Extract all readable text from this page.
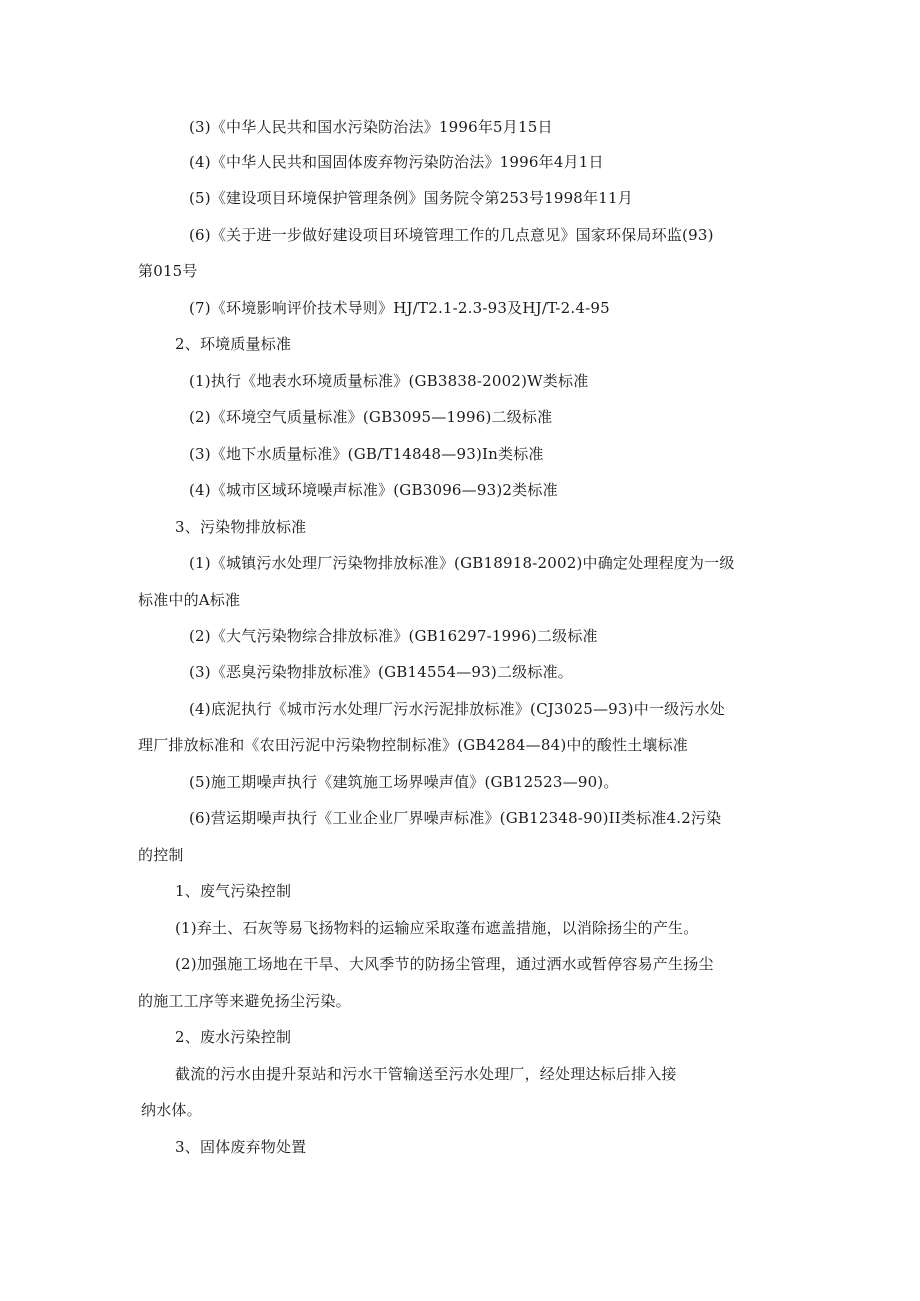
(3)《中华人民共和国水污染防治法》1996年5月15日
(4)《中华人民共和国固体废弃物污染防治法》1996年4月1日
(5)《建设项目环境保护管理条例》国务院令第253号1998年11月
(6)《关于进一步做好建设项目环境管理工作的几点意见》国家环保局环监(93)
第015号
(7)《环境影响评价技术导则》HJ/T2.1-2.3-93及HJ/T-2.4-95
2、环境质量标准
(1)执行《地表水环境质量标准》(GB3838-2002)W类标准
(2)《环境空气质量标准》(GB3095—1996)二级标准
(3)《地下水质量标准》(GB/T14848—93)In类标准
(4)《城市区域环境噪声标准》(GB3096—93)2类标准
3、污染物排放标准
(1)《城镇污水处理厂污染物排放标准》(GB18918-2002)中确定处理程度为一级
标准中的A标准
(2)《大气污染物综合排放标准》(GB16297-1996)二级标准
(3)《恶臭污染物排放标准》(GB14554—93)二级标准。
(4)底泥执行《城市污水处理厂污水污泥排放标准》(CJ3025—93)中一级污水处
理厂排放标准和《农田污泥中污染物控制标准》(GB4284—84)中的酸性土壤标准
(5)施工期噪声执行《建筑施工场界噪声值》(GB12523—90)。
(6)营运期噪声执行《工业企业厂界噪声标准》(GB12348-90)II类标准4.2污染
的控制
1、废气污染控制
(1)弃土、石灰等易飞扬物料的运输应采取蓬布遮盖措施，以消除扬尘的产生。
(2)加强施工场地在干旱、大风季节的防扬尘管理，通过洒水或暂停容易产生扬尘
的施工工序等来避免扬尘污染。
2、废水污染控制
截流的污水由提升泵站和污水干管输送至污水处理厂，经处理达标后排入接
纳水体。
3、固体废弃物处置
